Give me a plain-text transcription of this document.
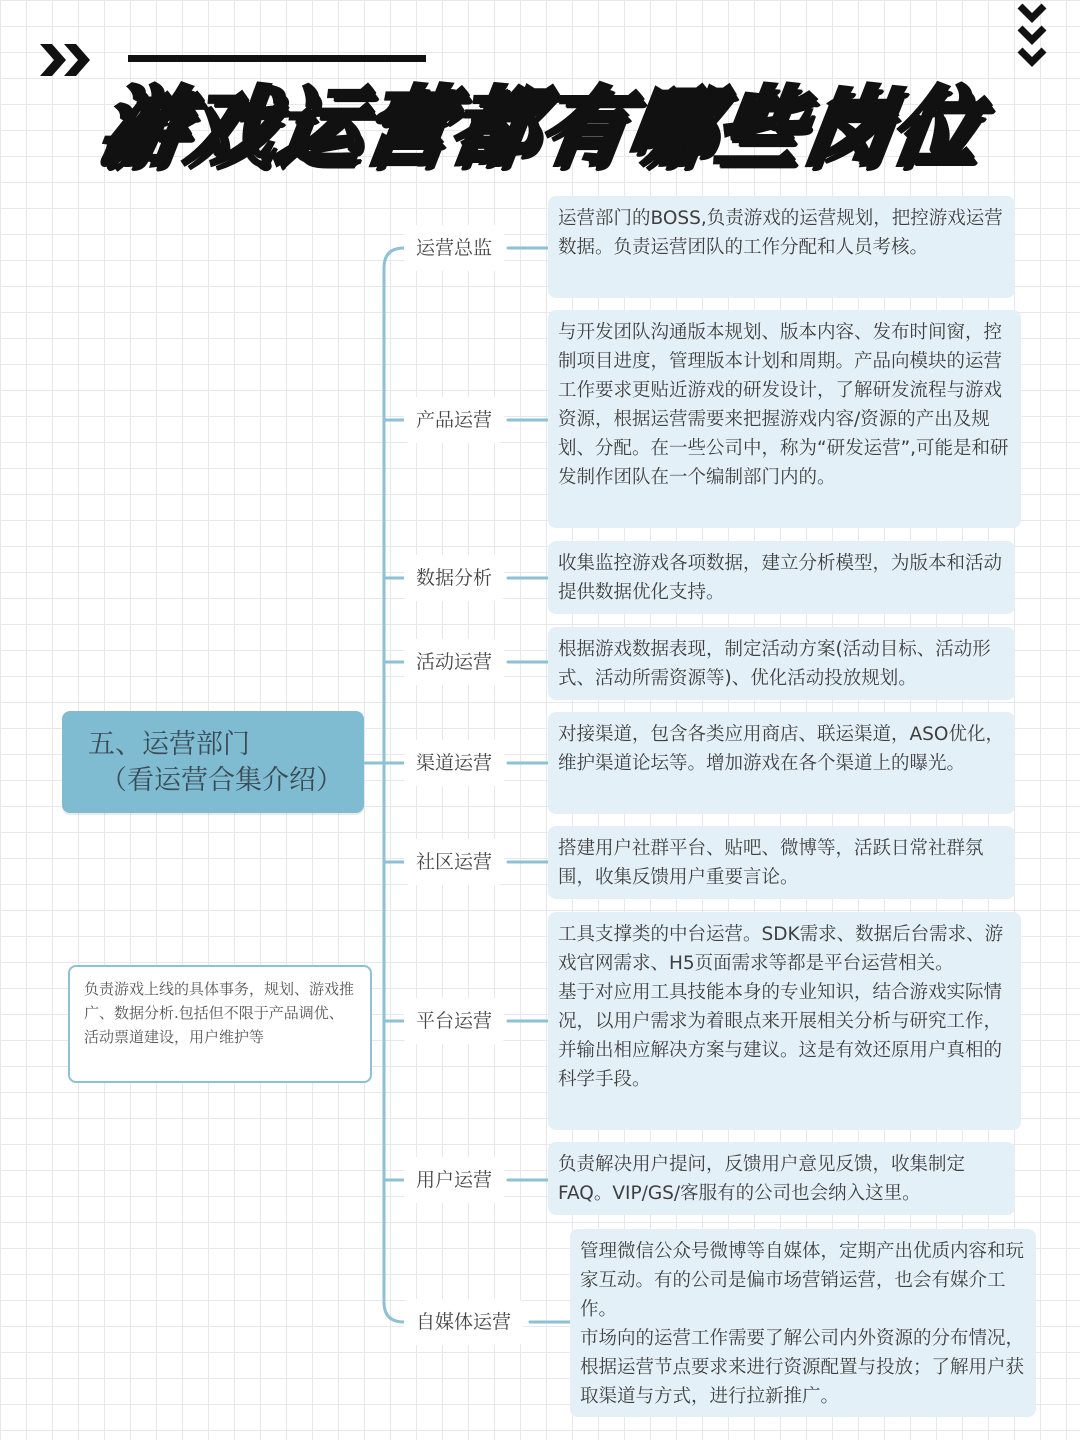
游戏运营都有哪些岗位
五、运营部门
（看运营合集介绍）
负责游戏上线的具体事务，规划、游戏推广、数据分析.包括但不限于产品调优、活动票道建设，用户维护等
运营总监
产品运营
数据分析
活动运营
渠道运营
社区运营
平台运营
用户运营
自媒体运营

运营部门的BOSS,负责游戏的运营规划，把控游戏运营数据。负责运营团队的工作分配和人员考核。

与开发团队沟通版本规划、版本内容、发布时间窗，控制项目进度，管理版本计划和周期。产品向模块的运营工作要求更贴近游戏的研发设计，了解研发流程与游戏资源，根据运营需要来把握游戏内容/资源的产出及规划、分配。在一些公司中，称为“研发运营”,可能是和研发制作团队在一个编制部门内的。

收集监控游戏各项数据，建立分析模型，为版本和活动提供数据优化支持。

根据游戏数据表现，制定活动方案(活动目标、活动形式、活动所需资源等)、优化活动投放规划。

对接渠道，包含各类应用商店、联运渠道，ASO优化，维护渠道论坛等。增加游戏在各个渠道上的曝光。

搭建用户社群平台、贴吧、微博等，活跃日常社群氛围，收集反馈用户重要言论。

工具支撑类的中台运营。SDK需求、数据后台需求、游戏官网需求、H5页面需求等都是平台运营相关。

基于对应用工具技能本身的专业知识，结合游戏实际情况，以用户需求为着眼点来开展相关分析与研究工作，并输出相应解决方案与建议。这是有效还原用户真相的科学手段。

负责解决用户提问，反馈用户意见反馈，收集制定FAQ。VIP/GS/客服有的公司也会纳入这里。

管理微信公众号微博等自媒体，定期产出优质内容和玩家互动。有的公司是偏市场营销运营，也会有媒介工作。

市场向的运营工作需要了解公司内外资源的分布情况，根据运营节点要求来进行资源配置与投放；了解用户获取渠道与方式，进行拉新推广。
